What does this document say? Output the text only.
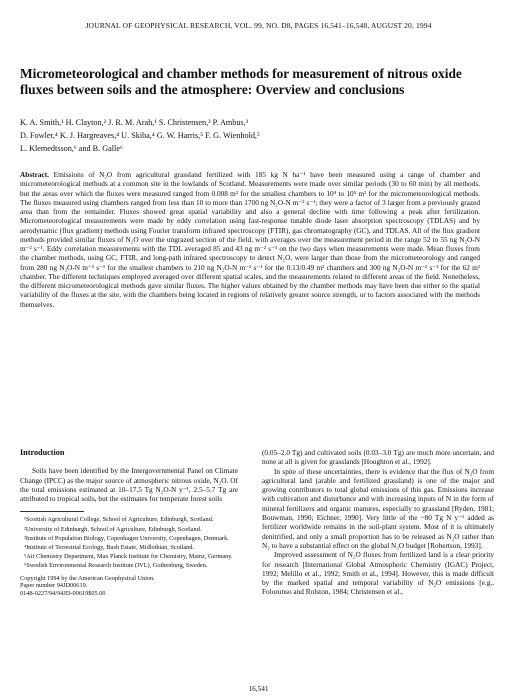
JOURNAL OF GEOPHYSICAL RESEARCH, VOL. 99, NO. D8, PAGES 16,541–16,548, AUGUST 20, 1994
Micrometeorological and chamber methods for measurement of nitrous oxide fluxes between soils and the atmosphere: Overview and conclusions
K. A. Smith,¹ H. Clayton,² J. R. M. Arah,¹ S. Christensen,³ P. Ambus,³
D. Fowler,⁴ K. J. Hargreaves,⁴ U. Skiba,⁴ G. W. Harris,⁵ F. G. Wienhold,⁵
L. Klemedtsson,⁶ and B. Galle⁶

Abstract. Emissions of N₂O from agricultural grassland fertilized with 185 kg N ha⁻¹ have been measured using a range of chamber and micrometeorological methods at a common site in the lowlands of Scotland. Measurements were made over similar periods (30 to 60 min) by all methods, but the areas over which the fluxes were measured ranged from 0.008 m² for the smallest chambers to 10⁴ to 10⁵ m² for the micrometeorological methods. The fluxes measured using chambers ranged from less than 10 to more than 1700 ng N₂O-N m⁻² s⁻¹; they were a factor of 3 larger from a previously grazed area than from the remainder. Fluxes showed great spatial variability and also a general decline with time following a peak after fertilization. Micrometeorological measurements were made by eddy correlation using fast-response tunable diode laser absorption spectroscopy (TDLAS) and by aerodynamic (flux gradient) methods using Fourier transform infrared spectroscopy (FTIR), gas chromatography (GC), and TDLAS. All of the flux gradient methods provided similar fluxes of N₂O over the ungrazed section of the field, with averages over the measurement period in the range 52 to 55 ng N₂O-N m⁻² s⁻¹. Eddy correlation measurements with the TDL averaged 85 and 43 ng m⁻² s⁻¹ on the two days when measurements were made. Mean fluxes from the chamber methods, using GC, FTIR, and long-path infrared spectroscopy to detect N₂O, were larger than those from the micrometeorology and ranged from 280 ng N₂O-N m⁻² s⁻¹ for the smallest chambers to 210 ng N₂O-N m⁻² s⁻¹ for the 0.13/0.49 m² chambers and 300 ng N₂O-N m⁻² s⁻¹ for the 62 m² chamber. The different techniques employed averaged over different spatial scales, and the measurements related to different areas of the field. Nonetheless, the different micrometeorological methods gave similar fluxes. The higher values obtained by the chamber methods may have been due either to the spatial variability of the fluxes at the site, with the chambers being located in regions of relatively greater source strength, or to factors associated with the methods themselves.

Introduction

Soils have been identified by the Intergovernmental Panel on Climate Change (IPCC) as the major source of atmospheric nitrous oxide, N₂O. Of the total emissions estimated at 10–17.5 Tg N₂O-N y⁻¹, 2.5–5.7 Tg are attributed to tropical soils, but the estimates for temperate forest soils

¹Scottish Agricultural College, School of Agriculture, Edinburgh, Scotland.

²University of Edinburgh, School of Agriculture, Edinburgh, Scotland.

³Institute of Population Biology, Copenhagen University, Copenhagen, Denmark.

⁴Institute of Terrestrial Ecology, Bush Estate, Midlothian, Scotland.

⁵Air Chemistry Department, Max Planck Institute for Chemistry, Mainz, Germany.

⁶Swedish Environmental Research Institute (IVL), Gothenburg, Sweden.

Copyright 1994 by the American Geophysical Union.
Paper number 94JD00619.
0148-0227/94/94JD-00619$05.00

(0.05–2.0 Tg) and cultivated soils (0.03–3.0 Tg) are much more uncertain, and none at all is given for grasslands [Houghton et al., 1992].

In spite of these uncertainties, there is evidence that the flux of N₂O from agricultural land (arable and fertilized grassland) is one of the major and growing contributors to total global emissions of this gas. Emissions increase with cultivation and disturbance and with increasing inputs of N in the form of mineral fertilizers and organic manures, especially to grassland [Ryden, 1981; Bouwman, 1990; Eichner, 1990]. Very little of the ~80 Tg N y⁻¹ added as fertilizer worldwide remains in the soil-plant system. Most of it is ultimately denitrified, and only a small proportion has to be released as N₂O rather than N₂ to have a substantial effect on the global N₂O budget [Robertson, 1993].

Improved assessment of N₂O fluxes from fertilized land is a clear priority for research [International Global Atmospheric Chemistry (IGAC) Project, 1992; Melillo et al., 1992; Smith et al., 1994]. However, this is made difficult by the marked spatial and temporal variability of N₂O emissions [e.g., Folorunso and Rolston, 1984; Christensen et al.,

16,541
